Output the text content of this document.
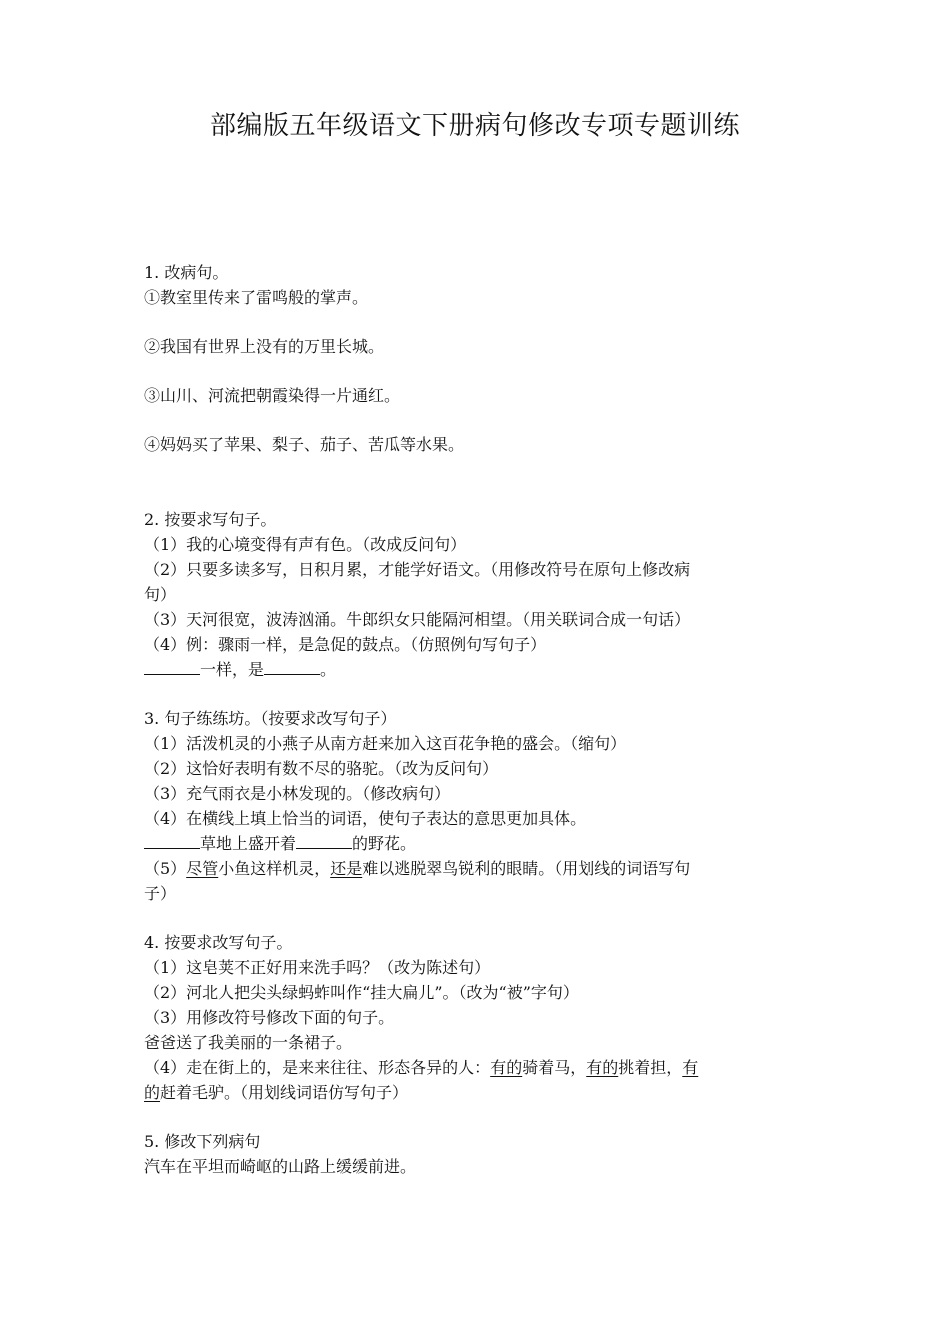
部编版五年级语文下册病句修改专项专题训练
1. 改病句。
①教室里传来了雷鸣般的掌声。
②我国有世界上没有的万里长城。
③山川、河流把朝霞染得一片通红。
④妈妈买了苹果、梨子、茄子、苦瓜等水果。
2. 按要求写句子。
（1）我的心境变得有声有色。（改成反问句）
（2）只要多读多写，日积月累，才能学好语文。（用修改符号在原句上修改病
句）
（3）天河很宽，波涛汹涌。牛郎织女只能隔河相望。（用关联词合成一句话）
（4）例：骤雨一样，是急促的鼓点。（仿照例句写句子）
一样，是	。
3. 句子练练坊。（按要求改写句子）
（1）活泼机灵的小燕子从南方赶来加入这百花争艳的盛会。（缩句）
（2）这恰好表明有数不尽的骆驼。（改为反问句）
（3）充气雨衣是小林发现的。（修改病句）
（4）在横线上填上恰当的词语，使句子表达的意思更加具体。
草地上盛开着	的野花。
（5）尽管小鱼这样机灵，还是难以逃脱翠鸟锐利的眼睛。（用划线的词语写句
子）
4. 按要求改写句子。
（1）这皂荚不正好用来洗手吗？（改为陈述句）
（2）河北人把尖头绿蚂蚱叫作“挂大扁儿”。（改为“被”字句）
（3）用修改符号修改下面的句子。
爸爸送了我美丽的一条裙子。
（4）走在街上的，是来来往往、形态各异的人：有的骑着马，有的挑着担，有
的赶着毛驴。（用划线词语仿写句子）
5. 修改下列病句
汽车在平坦而崎岖的山路上缓缓前进。
